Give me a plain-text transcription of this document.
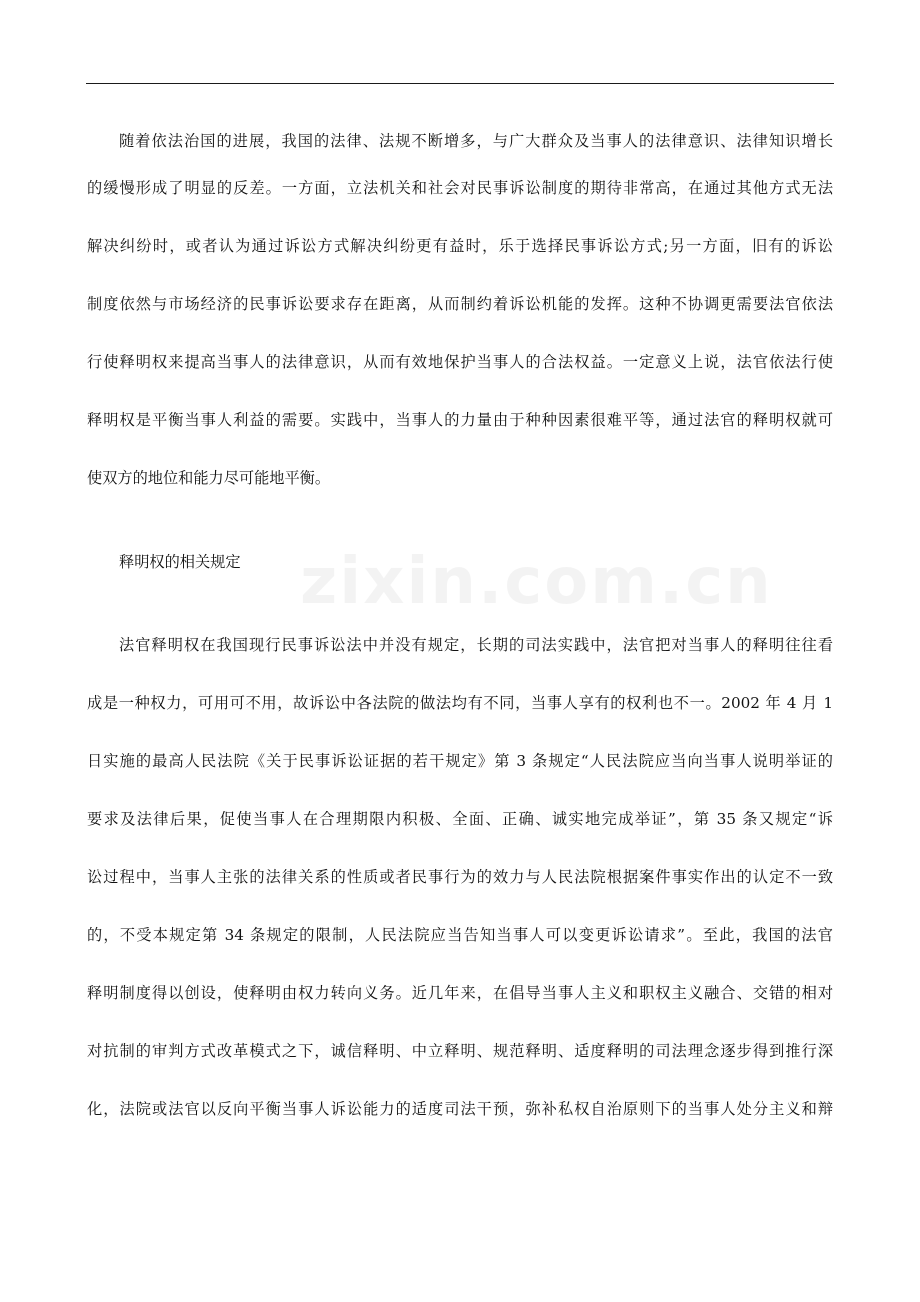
随着依法治国的进展，我国的法律、法规不断增多，与广大群众及当事人的法律意识、法律知识增长
的缓慢形成了明显的反差。一方面，立法机关和社会对民事诉讼制度的期待非常高，在通过其他方式无法
解决纠纷时，或者认为通过诉讼方式解决纠纷更有益时，乐于选择民事诉讼方式;另一方面，旧有的诉讼
制度依然与市场经济的民事诉讼要求存在距离，从而制约着诉讼机能的发挥。这种不协调更需要法官依法
行使释明权来提高当事人的法律意识，从而有效地保护当事人的合法权益。一定意义上说，法官依法行使
释明权是平衡当事人利益的需要。实践中，当事人的力量由于种种因素很难平等，通过法官的释明权就可
使双方的地位和能力尽可能地平衡。
释明权的相关规定
法官释明权在我国现行民事诉讼法中并没有规定，长期的司法实践中，法官把对当事人的释明往往看
成是一种权力，可用可不用，故诉讼中各法院的做法均有不同，当事人享有的权利也不一。2002 年 4 月 1
日实施的最高人民法院《关于民事诉讼证据的若干规定》第 3 条规定“人民法院应当向当事人说明举证的
要求及法律后果，促使当事人在合理期限内积极、全面、正确、诚实地完成举证”，第 35 条又规定“诉
讼过程中，当事人主张的法律关系的性质或者民事行为的效力与人民法院根据案件事实作出的认定不一致
的，不受本规定第 34 条规定的限制，人民法院应当告知当事人可以变更诉讼请求”。至此，我国的法官
释明制度得以创设，使释明由权力转向义务。近几年来，在倡导当事人主义和职权主义融合、交错的相对
对抗制的审判方式改革模式之下，诚信释明、中立释明、规范释明、适度释明的司法理念逐步得到推行深
化，法院或法官以反向平衡当事人诉讼能力的适度司法干预，弥补私权自治原则下的当事人处分主义和辩
